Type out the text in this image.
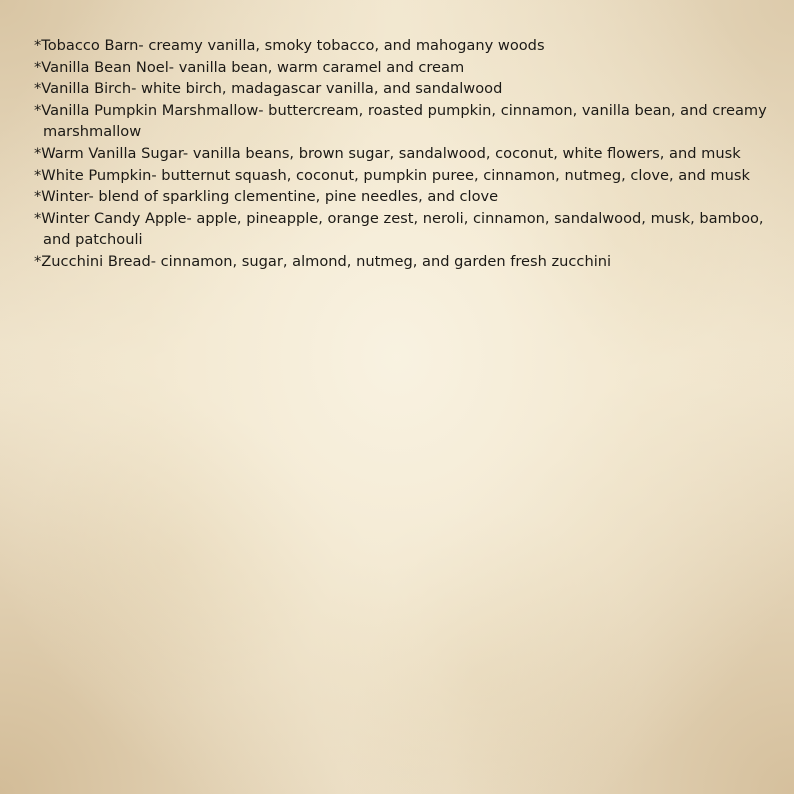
*Tobacco Barn- creamy vanilla, smoky tobacco, and mahogany woods
*Vanilla Bean Noel- vanilla bean, warm caramel and cream
*Vanilla Birch- white birch, madagascar vanilla, and sandalwood
*Vanilla Pumpkin Marshmallow- buttercream, roasted pumpkin, cinnamon, vanilla bean, and creamy marshmallow
*Warm Vanilla Sugar- vanilla beans, brown sugar, sandalwood, coconut, white flowers, and musk
*White Pumpkin- butternut squash, coconut, pumpkin puree, cinnamon, nutmeg, clove, and musk
*Winter- blend of sparkling clementine, pine needles, and clove
*Winter Candy Apple- apple, pineapple, orange zest, neroli, cinnamon, sandalwood, musk, bamboo, and patchouli
*Zucchini Bread- cinnamon, sugar, almond, nutmeg, and garden fresh zucchini
